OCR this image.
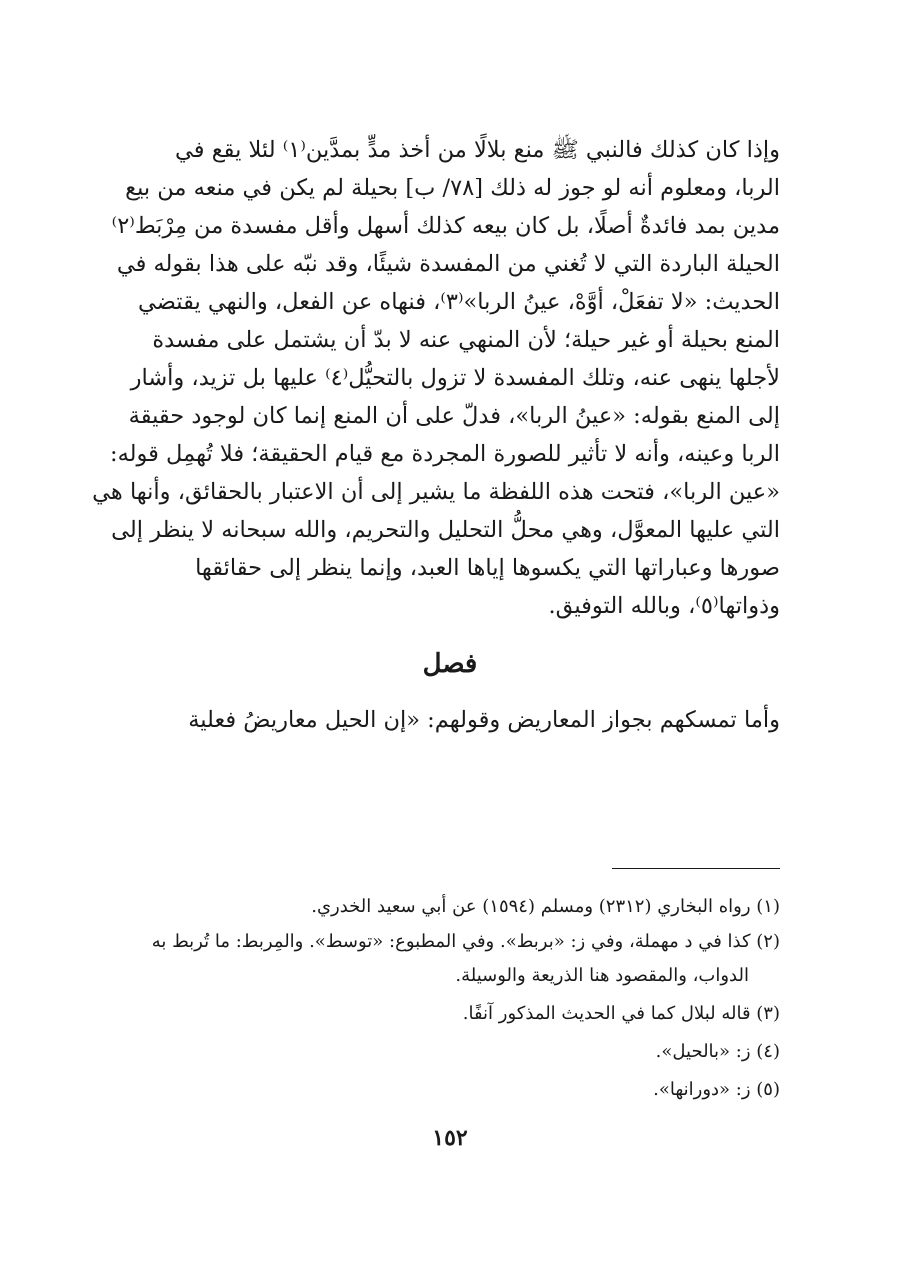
وإذا كان كذلك فالنبي ﷺ منع بلالًا من أخذ مدٍّ بمدَّين⁽١⁾ لئلا يقع في
الربا، ومعلوم أنه لو جوز له ذلك [٧٨/ ب] بحيلة لم يكن في منعه من بيع
مدين بمد فائدةٌ أصلًا، بل كان بيعه كذلك أسهل وأقل مفسدة من مِرْبَط⁽٢⁾
الحيلة الباردة التي لا تُغني من المفسدة شيئًا، وقد نبّه على هذا بقوله في
الحديث: «لا تفعَلْ، أوَّهْ، عينُ الربا»⁽٣⁾، فنهاه عن الفعل، والنهي يقتضي
المنع بحيلة أو غير حيلة؛ لأن المنهي عنه لا بدّ أن يشتمل على مفسدة
لأجلها ينهى عنه، وتلك المفسدة لا تزول بالتحيُّل⁽٤⁾ عليها بل تزيد، وأشار
إلى المنع بقوله: «عينُ الربا»، فدلّ على أن المنع إنما كان لوجود حقيقة
الربا وعينه، وأنه لا تأثير للصورة المجردة مع قيام الحقيقة؛ فلا تُهمِل قوله:
«عين الربا»، فتحت هذه اللفظة ما يشير إلى أن الاعتبار بالحقائق، وأنها هي
التي عليها المعوَّل، وهي محلُّ التحليل والتحريم، والله سبحانه لا ينظر إلى
صورها وعباراتها التي يكسوها إياها العبد، وإنما ينظر إلى حقائقها
وذواتها⁽٥⁾، وبالله التوفيق.
فصل
وأما تمسكهم بجواز المعاريض وقولهم: «إن الحيل معاريضُ فعلية
(١) رواه البخاري (٢٣١٢) ومسلم (١٥٩٤) عن أبي سعيد الخدري.
(٢) كذا في د مهملة، وفي ز: «بربط». وفي المطبوع: «توسط». والمِربط: ما تُربط به
الدواب، والمقصود هنا الذريعة والوسيلة.
(٣) قاله لبلال كما في الحديث المذكور آنفًا.
(٤) ز: «بالحيل».
(٥) ز: «دورانها».
١٥٢
